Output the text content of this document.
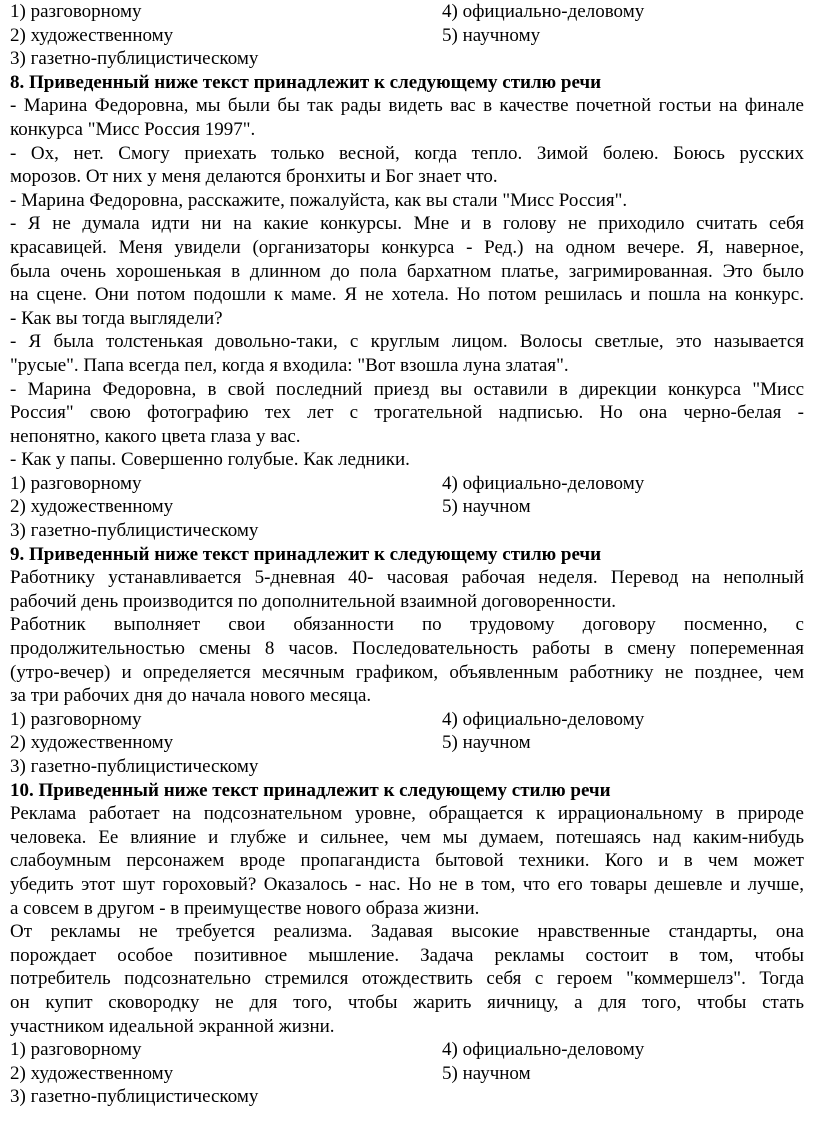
1) разговорному	4) официально-деловому
2) художественному	5) научному
3) газетно-публицистическому
8. Приведенный ниже текст принадлежит к следующему стилю речи
- Марина Федоровна, мы были бы так рады видеть вас в качестве почетной гостьи на финале
конкурса "Мисс Россия 1997".
- Ох, нет. Смогу приехать только весной, когда тепло. Зимой болею. Боюсь русских
морозов. От них у меня делаются бронхиты и Бог знает что.
- Марина Федоровна, расскажите, пожалуйста, как вы стали "Мисс Россия".
- Я не думала идти ни на какие конкурсы. Мне и в голову не приходило считать себя
красавицей. Меня увидели (организаторы конкурса - Ред.) на одном вечере. Я, наверное,
была очень хорошенькая в длинном до пола бархатном платье, загримированная. Это было
на сцене. Они потом подошли к маме. Я не хотела. Но потом решилась и пошла на конкурс.
- Как вы тогда выглядели?
- Я была толстенькая довольно-таки, с круглым лицом. Волосы светлые, это называется
"русые". Папа всегда пел, когда я входила: "Вот взошла луна златая".
- Марина Федоровна, в свой последний приезд вы оставили в дирекции конкурса "Мисс
Россия" свою фотографию тех лет с трогательной надписью. Но она черно-белая -
непонятно, какого цвета глаза у вас.
- Как у папы. Совершенно голубые. Как ледники.
1) разговорному	4) официально-деловому
2) художественному	5) научном
3) газетно-публицистическому
9. Приведенный ниже текст принадлежит к следующему стилю речи
Работнику устанавливается 5-дневная 40- часовая рабочая неделя. Перевод на неполный
рабочий день производится по дополнительной взаимной договоренности.
Работник выполняет свои обязанности по трудовому договору посменно, с
продолжительностью смены 8 часов. Последовательность работы в смену попеременная
(утро-вечер) и определяется месячным графиком, объявленным работнику не позднее, чем
за три рабочих дня до начала нового месяца.
1) разговорному	4) официально-деловому
2) художественному	5) научном
3) газетно-публицистическому
10. Приведенный ниже текст принадлежит к следующему стилю речи
Реклама работает на подсознательном уровне, обращается к иррациональному в природе
человека. Ее влияние и глубже и сильнее, чем мы думаем, потешаясь над каким-нибудь
слабоумным персонажем вроде пропагандиста бытовой техники. Кого и в чем может
убедить этот шут гороховый? Оказалось - нас. Но не в том, что его товары дешевле и лучше,
а совсем в другом - в преимуществе нового образа жизни.
От рекламы не требуется реализма. Задавая высокие нравственные стандарты, она
порождает особое позитивное мышление. Задача рекламы состоит в том, чтобы
потребитель подсознательно стремился отождествить себя с героем "коммершелз". Тогда
он купит сковородку не для того, чтобы жарить яичницу, а для того, чтобы стать
участником идеальной экранной жизни.
1) разговорному	4) официально-деловому
2) художественному	5) научном
3) газетно-публицистическому
